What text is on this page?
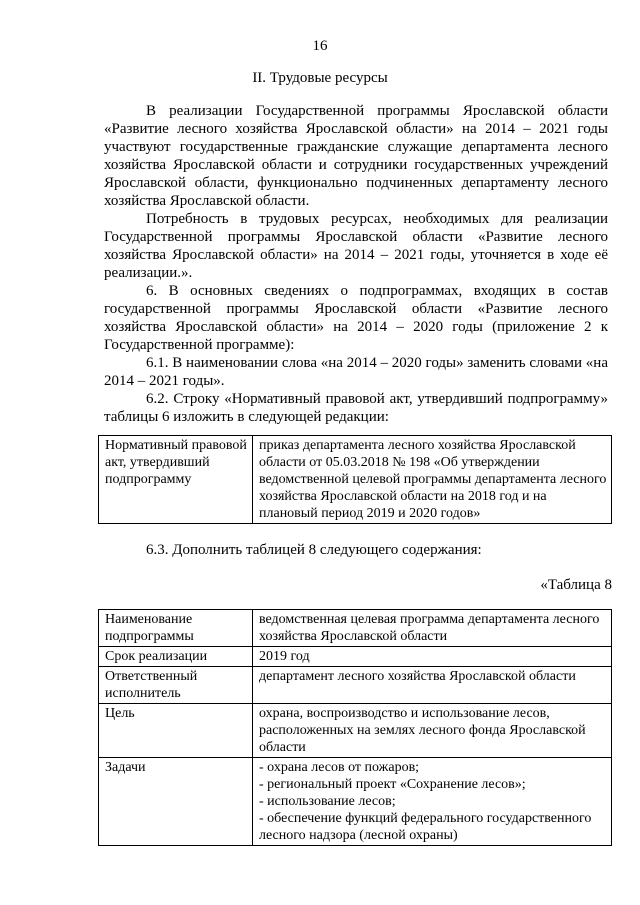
16
II. Трудовые ресурсы
В реализации Государственной программы Ярославской области «Развитие лесного хозяйства Ярославской области» на 2014 – 2021 годы участвуют государственные гражданские служащие департамента лесного хозяйства Ярославской области и сотрудники государственных учреждений Ярославской области, функционально подчиненных департаменту лесного хозяйства Ярославской области.
Потребность в трудовых ресурсах, необходимых для реализации Государственной программы Ярославской области «Развитие лесного хозяйства Ярославской области» на 2014 – 2021 годы, уточняется в ходе её реализации.».
6. В основных сведениях о подпрограммах, входящих в состав государственной программы Ярославской области «Развитие лесного хозяйства Ярославской области» на 2014 – 2020 годы (приложение 2 к Государственной программе):
6.1. В наименовании слова «на 2014 – 2020 годы» заменить словами «на 2014 – 2021 годы».
6.2. Строку «Нормативный правовой акт, утвердивший подпрограмму» таблицы 6 изложить в следующей редакции:
Нормативный правовой акт, утвердивший подпрограмму	приказ департамента лесного хозяйства Ярославской области от 05.03.2018 № 198 «Об утверждении ведомственной целевой программы департамента лесного хозяйства Ярославской области на 2018 год и на плановый период 2019 и 2020 годов»
6.3. Дополнить таблицей 8 следующего содержания:
«Таблица 8
Наименование подпрограммы	ведомственная целевая программа департамента лесного хозяйства Ярославской области

Срок реализации	2019 год

Ответственный исполнитель	департамент лесного хозяйства Ярославской области

Цель	охрана, воспроизводство и использование лесов, расположенных на землях лесного фонда Ярославской области

Задачи	- охрана лесов от пожаров;
- региональный проект «Сохранение лесов»;
- использование лесов;
- обеспечение функций федерального государственного лесного надзора (лесной охраны)
